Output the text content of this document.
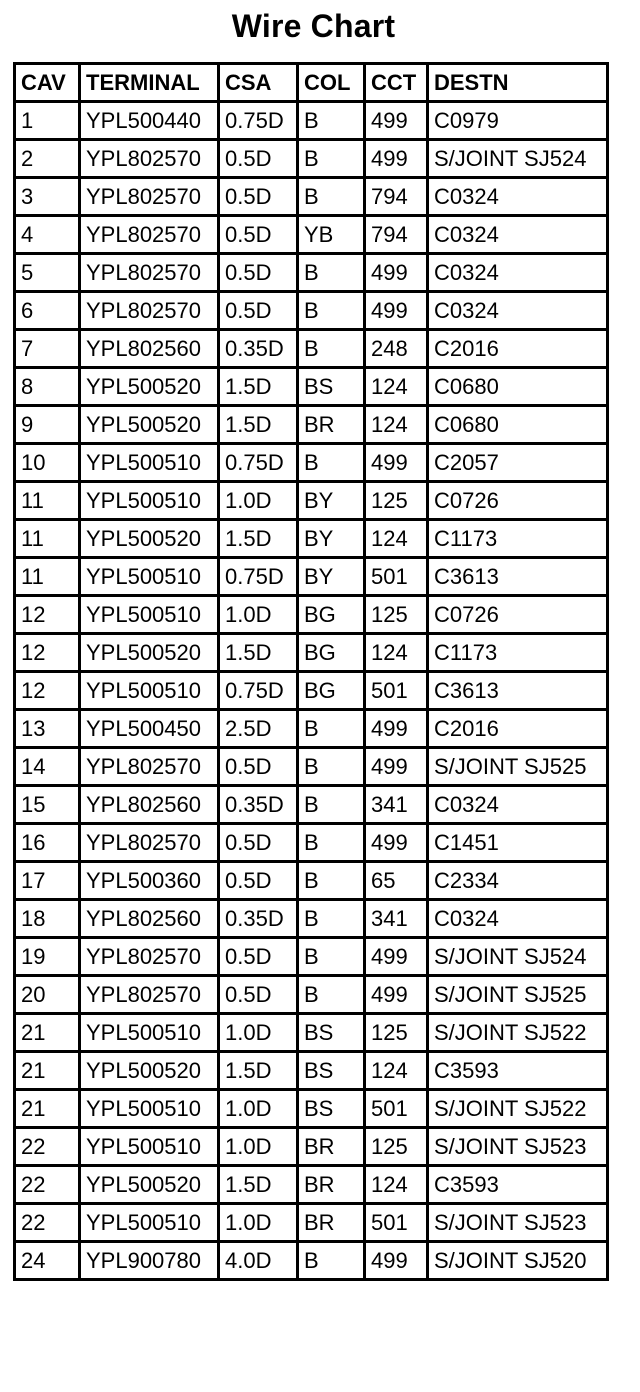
Wire Chart
CAV	TERMINAL	CSA	COL	CCT	DESTN
1	YPL500440	0.75D	B	499	C0979
2	YPL802570	0.5D	B	499	S/JOINT SJ524
3	YPL802570	0.5D	B	794	C0324
4	YPL802570	0.5D	YB	794	C0324
5	YPL802570	0.5D	B	499	C0324
6	YPL802570	0.5D	B	499	C0324
7	YPL802560	0.35D	B	248	C2016
8	YPL500520	1.5D	BS	124	C0680
9	YPL500520	1.5D	BR	124	C0680
10	YPL500510	0.75D	B	499	C2057
11	YPL500510	1.0D	BY	125	C0726
11	YPL500520	1.5D	BY	124	C1173
11	YPL500510	0.75D	BY	501	C3613
12	YPL500510	1.0D	BG	125	C0726
12	YPL500520	1.5D	BG	124	C1173
12	YPL500510	0.75D	BG	501	C3613
13	YPL500450	2.5D	B	499	C2016
14	YPL802570	0.5D	B	499	S/JOINT SJ525
15	YPL802560	0.35D	B	341	C0324
16	YPL802570	0.5D	B	499	C1451
17	YPL500360	0.5D	B	65	C2334
18	YPL802560	0.35D	B	341	C0324
19	YPL802570	0.5D	B	499	S/JOINT SJ524
20	YPL802570	0.5D	B	499	S/JOINT SJ525
21	YPL500510	1.0D	BS	125	S/JOINT SJ522
21	YPL500520	1.5D	BS	124	C3593
21	YPL500510	1.0D	BS	501	S/JOINT SJ522
22	YPL500510	1.0D	BR	125	S/JOINT SJ523
22	YPL500520	1.5D	BR	124	C3593
22	YPL500510	1.0D	BR	501	S/JOINT SJ523
24	YPL900780	4.0D	B	499	S/JOINT SJ520
